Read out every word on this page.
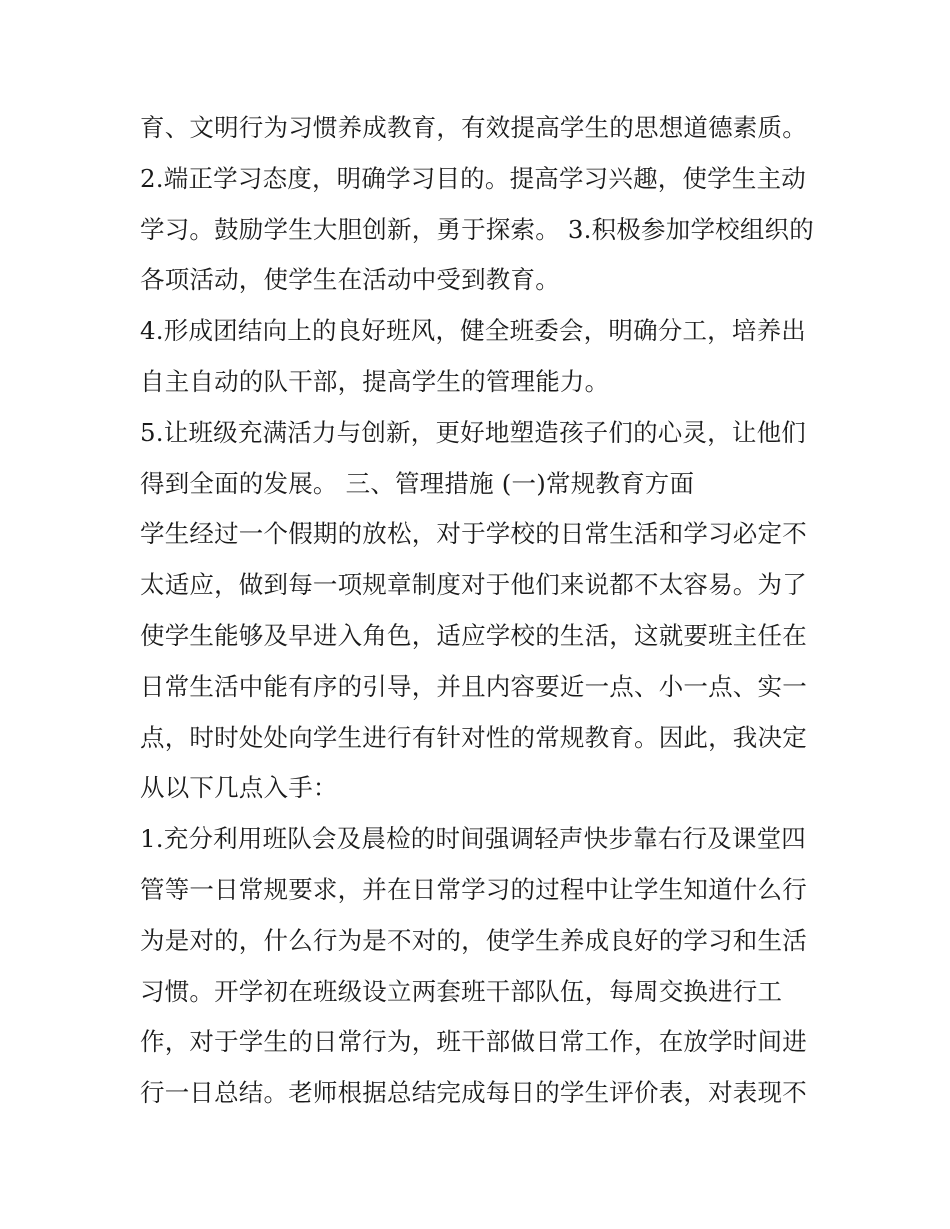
育、文明行为习惯养成教育，有效提高学生的思想道德素质。
2.端正学习态度，明确学习目的。提高学习兴趣，使学生主动
学习。鼓励学生大胆创新，勇于探索。 3.积极参加学校组织的
各项活动，使学生在活动中受到教育。
4.形成团结向上的良好班风，健全班委会，明确分工，培养出
自主自动的队干部，提高学生的管理能力。
5.让班级充满活力与创新，更好地塑造孩子们的心灵，让他们
得到全面的发展。 三、管理措施 (一)常规教育方面
学生经过一个假期的放松，对于学校的日常生活和学习必定不
太适应，做到每一项规章制度对于他们来说都不太容易。为了
使学生能够及早进入角色，适应学校的生活，这就要班主任在
日常生活中能有序的引导，并且内容要近一点、小一点、实一
点，时时处处向学生进行有针对性的常规教育。因此，我决定
从以下几点入手：
1.充分利用班队会及晨检的时间强调轻声快步靠右行及课堂四
管等一日常规要求，并在日常学习的过程中让学生知道什么行
为是对的，什么行为是不对的，使学生养成良好的学习和生活
习惯。开学初在班级设立两套班干部队伍，每周交换进行工
作，对于学生的日常行为，班干部做日常工作，在放学时间进
行一日总结。老师根据总结完成每日的学生评价表，对表现不
